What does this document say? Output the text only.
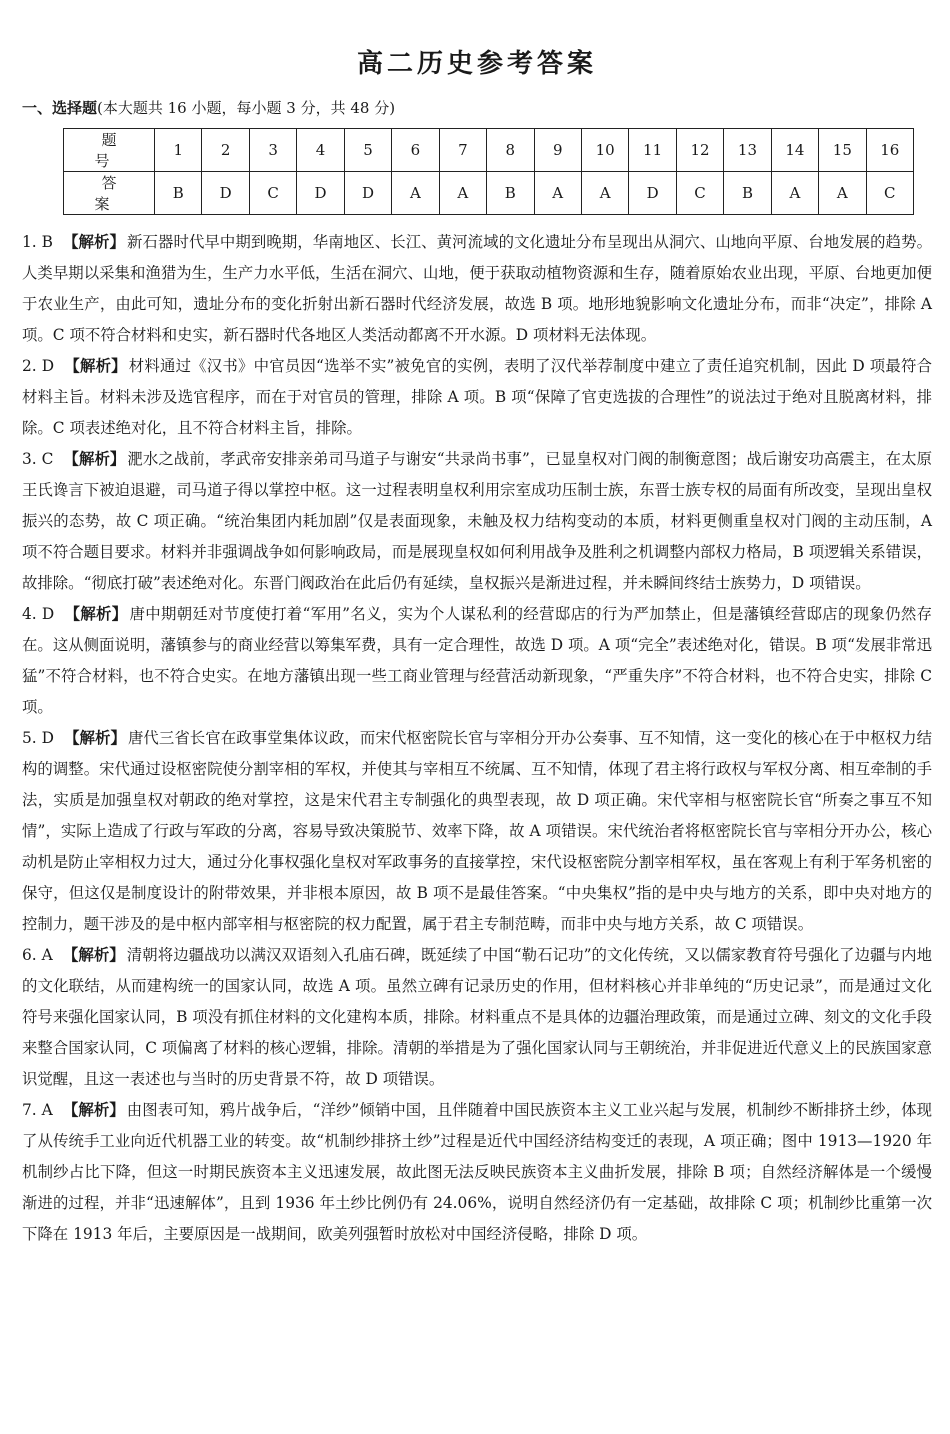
高二历史参考答案
一、选择题(本大题共 16 小题，每小题 3 分，共 48 分)
题 号	1	2	3	4	5	6	7	8	9	10	11	12	13	14	15	16
答 案	B	D	C	D	D	A	A	B	A	A	D	C	B	A	A	C

1. B 【解析】 新石器时代早中期到晚期，华南地区、长江、黄河流域的文化遗址分布呈现出从洞穴、山地向平原、台地发展的趋势。人类早期以采集和渔猎为生，生产力水平低，生活在洞穴、山地，便于获取动植物资源和生存，随着原始农业出现，平原、台地更加便于农业生产，由此可知，遗址分布的变化折射出新石器时代经济发展，故选 B 项。地形地貌影响文化遗址分布，而非“决定”，排除 A 项。C 项不符合材料和史实，新石器时代各地区人类活动都离不开水源。D 项材料无法体现。

2. D 【解析】 材料通过《汉书》中官员因“选举不实”被免官的实例，表明了汉代举荐制度中建立了责任追究机制，因此 D 项最符合材料主旨。材料未涉及选官程序，而在于对官员的管理，排除 A 项。B 项“保障了官吏选拔的合理性”的说法过于绝对且脱离材料，排除。C 项表述绝对化，且不符合材料主旨，排除。

3. C 【解析】 淝水之战前，孝武帝安排亲弟司马道子与谢安“共录尚书事”，已显皇权对门阀的制衡意图；战后谢安功高震主，在太原王氏谗言下被迫退避，司马道子得以掌控中枢。这一过程表明皇权利用宗室成功压制士族，东晋士族专权的局面有所改变，呈现出皇权振兴的态势，故 C 项正确。“统治集团内耗加剧”仅是表面现象，未触及权力结构变动的本质，材料更侧重皇权对门阀的主动压制，A 项不符合题目要求。材料并非强调战争如何影响政局，而是展现皇权如何利用战争及胜利之机调整内部权力格局，B 项逻辑关系错误，故排除。“彻底打破”表述绝对化。东晋门阀政治在此后仍有延续，皇权振兴是渐进过程，并未瞬间终结士族势力，D 项错误。

4. D 【解析】 唐中期朝廷对节度使打着“军用”名义，实为个人谋私利的经营邸店的行为严加禁止，但是藩镇经营邸店的现象仍然存在。这从侧面说明，藩镇参与的商业经营以筹集军费，具有一定合理性，故选 D 项。A 项“完全”表述绝对化，错误。B 项“发展非常迅猛”不符合材料，也不符合史实。在地方藩镇出现一些工商业管理与经营活动新现象，“严重失序”不符合材料，也不符合史实，排除 C 项。

5. D 【解析】 唐代三省长官在政事堂集体议政，而宋代枢密院长官与宰相分开办公奏事、互不知情，这一变化的核心在于中枢权力结构的调整。宋代通过设枢密院使分割宰相的军权，并使其与宰相互不统属、互不知情，体现了君主将行政权与军权分离、相互牵制的手法，实质是加强皇权对朝政的绝对掌控，这是宋代君主专制强化的典型表现，故 D 项正确。宋代宰相与枢密院长官“所奏之事互不知情”，实际上造成了行政与军政的分离，容易导致决策脱节、效率下降，故 A 项错误。宋代统治者将枢密院长官与宰相分开办公，核心动机是防止宰相权力过大，通过分化事权强化皇权对军政事务的直接掌控，宋代设枢密院分割宰相军权，虽在客观上有利于军务机密的保守，但这仅是制度设计的附带效果，并非根本原因，故 B 项不是最佳答案。“中央集权”指的是中央与地方的关系，即中央对地方的控制力，题干涉及的是中枢内部宰相与枢密院的权力配置，属于君主专制范畴，而非中央与地方关系，故 C 项错误。

6. A 【解析】 清朝将边疆战功以满汉双语刻入孔庙石碑，既延续了中国“勒石记功”的文化传统，又以儒家教育符号强化了边疆与内地的文化联结，从而建构统一的国家认同，故选 A 项。虽然立碑有记录历史的作用，但材料核心并非单纯的“历史记录”，而是通过文化符号来强化国家认同，B 项没有抓住材料的文化建构本质，排除。材料重点不是具体的边疆治理政策，而是通过立碑、刻文的文化手段来整合国家认同，C 项偏离了材料的核心逻辑，排除。清朝的举措是为了强化国家认同与王朝统治，并非促进近代意义上的民族国家意识觉醒，且这一表述也与当时的历史背景不符，故 D 项错误。

7. A 【解析】 由图表可知，鸦片战争后，“洋纱”倾销中国，且伴随着中国民族资本主义工业兴起与发展，机制纱不断排挤土纱，体现了从传统手工业向近代机器工业的转变。故“机制纱排挤土纱”过程是近代中国经济结构变迁的表现，A 项正确；图中 1913—1920 年机制纱占比下降，但这一时期民族资本主义迅速发展，故此图无法反映民族资本主义曲折发展，排除 B 项；自然经济解体是一个缓慢渐进的过程，并非“迅速解体”，且到 1936 年土纱比例仍有 24.06%，说明自然经济仍有一定基础，故排除 C 项；机制纱比重第一次下降在 1913 年后，主要原因是一战期间，欧美列强暂时放松对中国经济侵略，排除 D 项。
